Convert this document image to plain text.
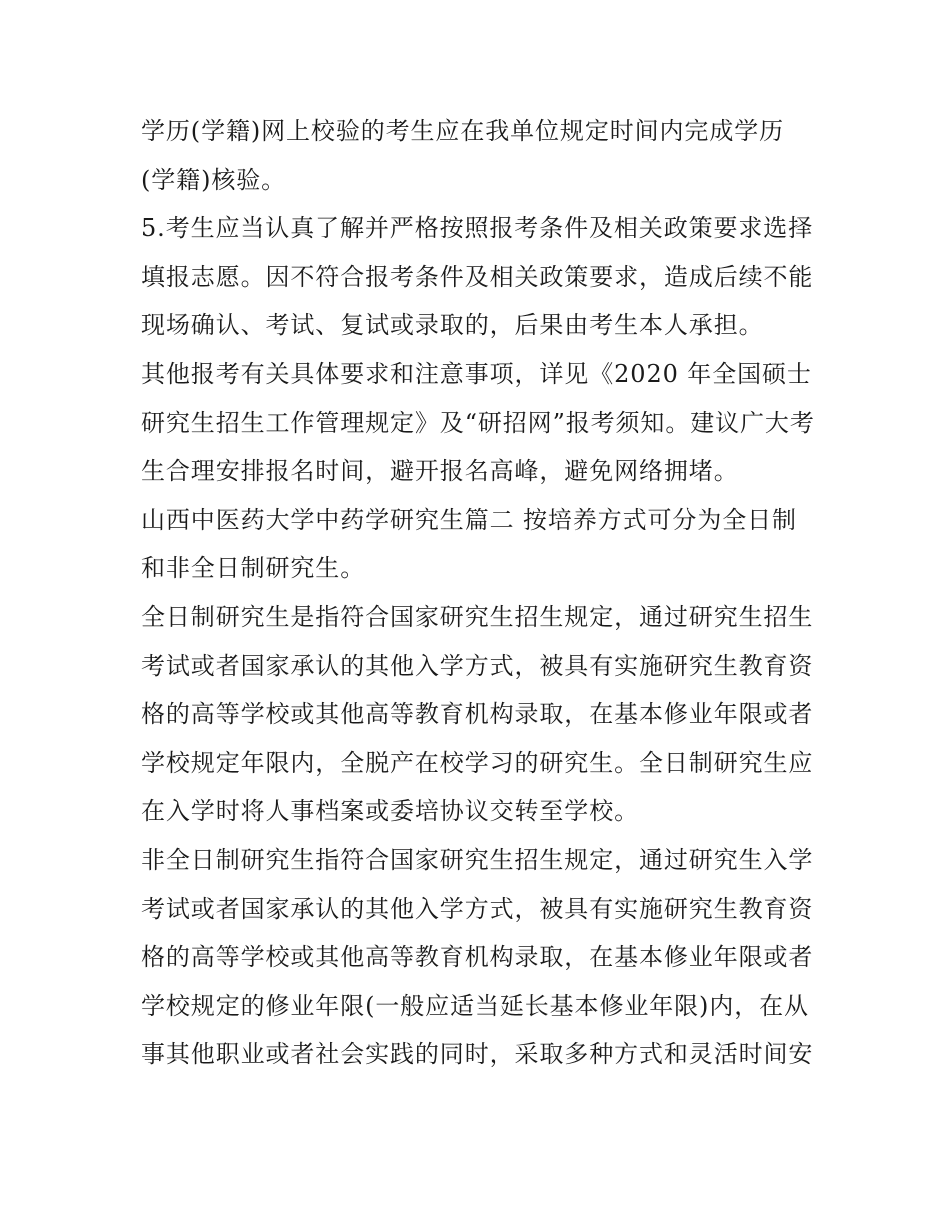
学历(学籍)网上校验的考生应在我单位规定时间内完成学历
(学籍)核验。
5.考生应当认真了解并严格按照报考条件及相关政策要求选择
填报志愿。因不符合报考条件及相关政策要求，造成后续不能
现场确认、考试、复试或录取的，后果由考生本人承担。
其他报考有关具体要求和注意事项，详见《2020 年全国硕士
研究生招生工作管理规定》及“研招网”报考须知。建议广大考
生合理安排报名时间，避开报名高峰，避免网络拥堵。
山西中医药大学中药学研究生篇二 按培养方式可分为全日制
和非全日制研究生。
全日制研究生是指符合国家研究生招生规定，通过研究生招生
考试或者国家承认的其他入学方式，被具有实施研究生教育资
格的高等学校或其他高等教育机构录取，在基本修业年限或者
学校规定年限内，全脱产在校学习的研究生。全日制研究生应
在入学时将人事档案或委培协议交转至学校。
非全日制研究生指符合国家研究生招生规定，通过研究生入学
考试或者国家承认的其他入学方式，被具有实施研究生教育资
格的高等学校或其他高等教育机构录取，在基本修业年限或者
学校规定的修业年限(一般应适当延长基本修业年限)内，在从
事其他职业或者社会实践的同时，采取多种方式和灵活时间安
